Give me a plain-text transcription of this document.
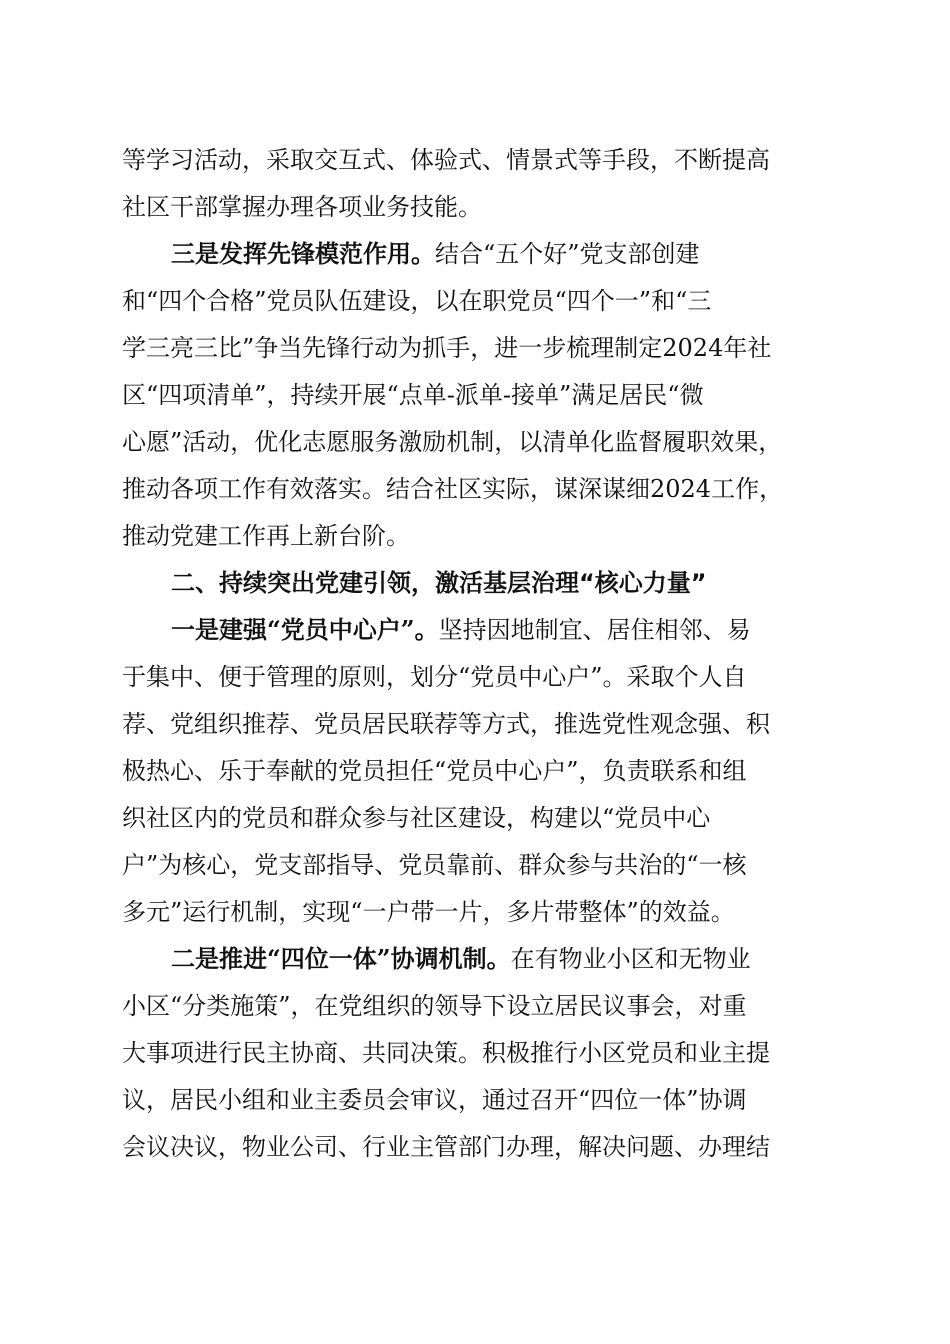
等学习活动，采取交互式、体验式、情景式等手段，不断提高
社区干部掌握办理各项业务技能。
三是发挥先锋模范作用。结合“五个好”党支部创建
和“四个合格”党员队伍建设，以在职党员“四个一”和“三
学三亮三比”争当先锋行动为抓手，进一步梳理制定2024年社
区“四项清单”，持续开展“点单-派单-接单”满足居民“微
心愿”活动，优化志愿服务激励机制，以清单化监督履职效果，
推动各项工作有效落实。结合社区实际，谋深谋细2024工作，
推动党建工作再上新台阶。
二、持续突出党建引领，激活基层治理“核心力量”
一是建强“党员中心户”。坚持因地制宜、居住相邻、易
于集中、便于管理的原则，划分“党员中心户”。采取个人自
荐、党组织推荐、党员居民联荐等方式，推选党性观念强、积
极热心、乐于奉献的党员担任“党员中心户”，负责联系和组
织社区内的党员和群众参与社区建设，构建以“党员中心
户”为核心，党支部指导、党员靠前、群众参与共治的“一核
多元”运行机制，实现“一户带一片，多片带整体”的效益。
二是推进“四位一体”协调机制。在有物业小区和无物业
小区“分类施策”，在党组织的领导下设立居民议事会，对重
大事项进行民主协商、共同决策。积极推行小区党员和业主提
议，居民小组和业主委员会审议，通过召开“四位一体”协调
会议决议，物业公司、行业主管部门办理，解决问题、办理结
